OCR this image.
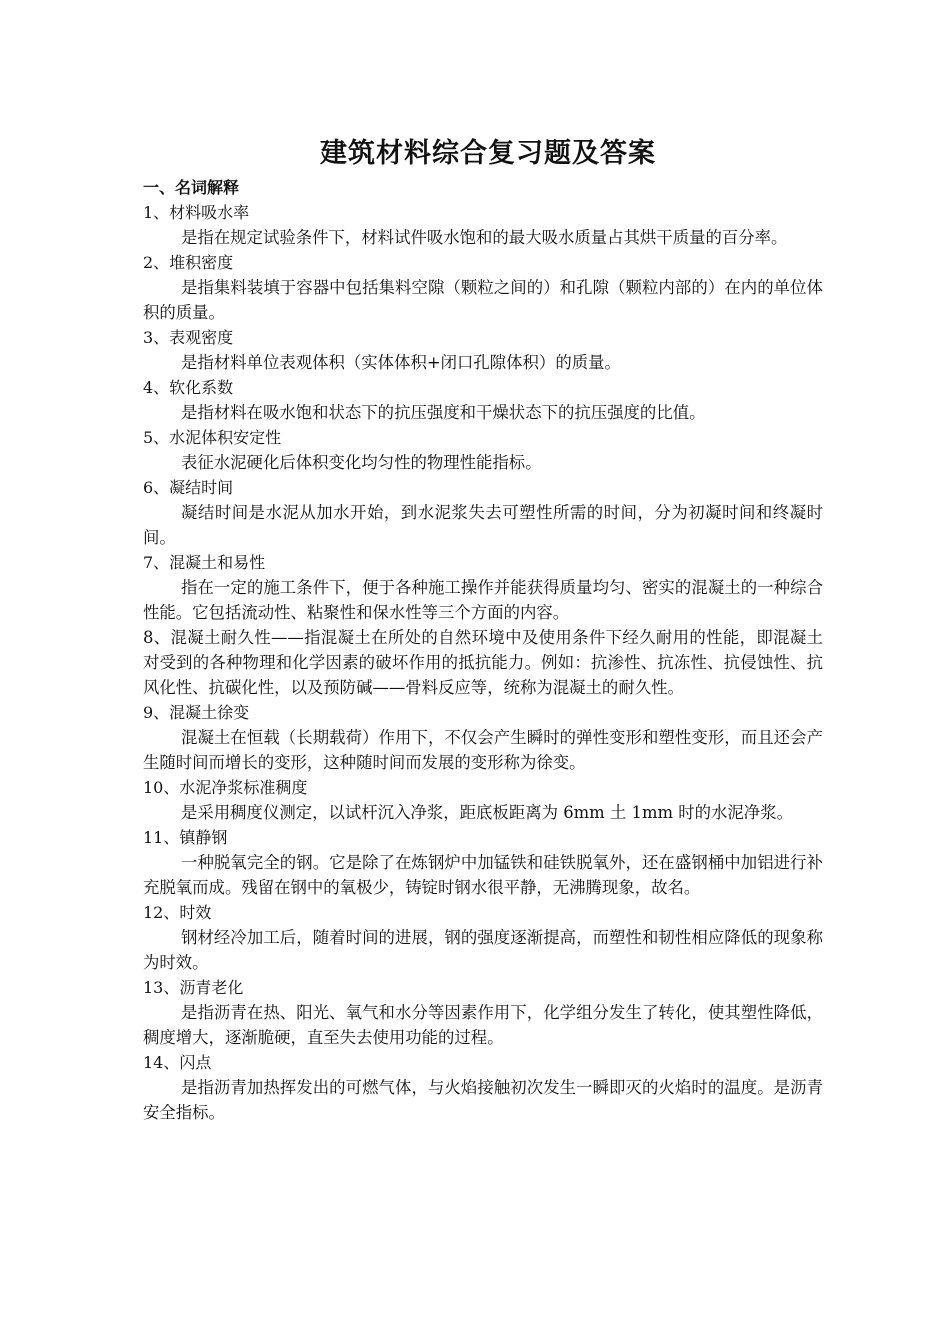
建筑材料综合复习题及答案
一、名词解释
1、材料吸水率
是指在规定试验条件下，材料试件吸水饱和的最大吸水质量占其烘干质量的百分率。
2、堆积密度
是指集料装填于容器中包括集料空隙（颗粒之间的）和孔隙（颗粒内部的）在内的单位体积的质量。
3、表观密度
是指材料单位表观体积（实体体积+闭口孔隙体积）的质量。
4、软化系数
是指材料在吸水饱和状态下的抗压强度和干燥状态下的抗压强度的比值。
5、水泥体积安定性
表征水泥硬化后体积变化均匀性的物理性能指标。
6、凝结时间
凝结时间是水泥从加水开始，到水泥浆失去可塑性所需的时间，分为初凝时间和终凝时间。
7、混凝土和易性
指在一定的施工条件下，便于各种施工操作并能获得质量均匀、密实的混凝土的一种综合性能。它包括流动性、粘聚性和保水性等三个方面的内容。
8、混凝土耐久性——指混凝土在所处的自然环境中及使用条件下经久耐用的性能，即混凝土对受到的各种物理和化学因素的破坏作用的抵抗能力。例如：抗渗性、抗冻性、抗侵蚀性、抗风化性、抗碳化性，以及预防碱——骨料反应等，统称为混凝土的耐久性。
9、混凝土徐变
混凝土在恒载（长期载荷）作用下，不仅会产生瞬时的弹性变形和塑性变形，而且还会产生随时间而增长的变形，这种随时间而发展的变形称为徐变。
10、水泥净浆标准稠度
是采用稠度仪测定，以试杆沉入净浆，距底板距离为 6mm 土 1mm 时的水泥净浆。
11、镇静钢
一种脱氧完全的钢。它是除了在炼钢炉中加锰铁和硅铁脱氧外，还在盛钢桶中加铝进行补充脱氧而成。残留在钢中的氧极少，铸锭时钢水很平静，无沸腾现象，故名。
12、时效
钢材经冷加工后，随着时间的进展，钢的强度逐渐提高，而塑性和韧性相应降低的现象称为时效。
13、沥青老化
是指沥青在热、阳光、氧气和水分等因素作用下，化学组分发生了转化，使其塑性降低，稠度增大，逐渐脆硬，直至失去使用功能的过程。
14、闪点
是指沥青加热挥发出的可燃气体，与火焰接触初次发生一瞬即灭的火焰时的温度。是沥青安全指标。
